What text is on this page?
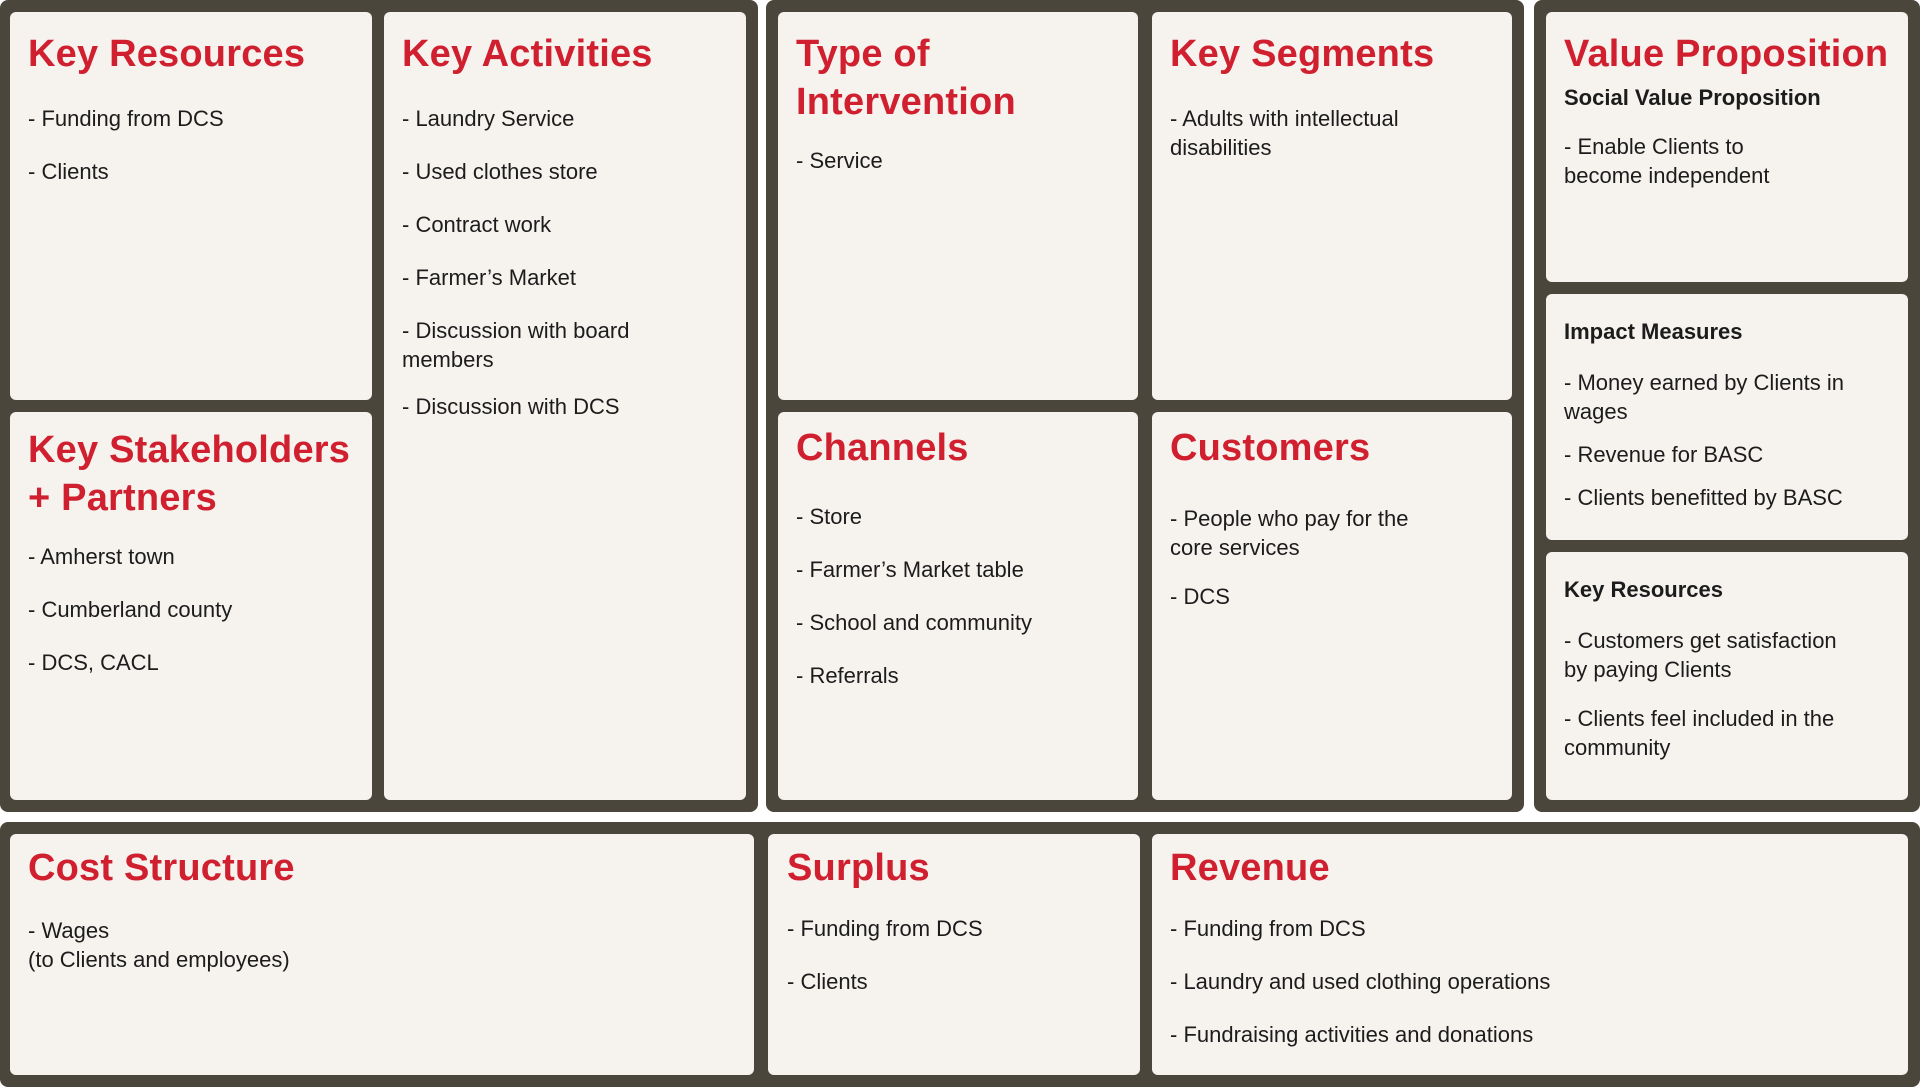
Key Resources
- Funding from DCS
- Clients
Key Stakeholders
+ Partners
- Amherst town
- Cumberland county
- DCS, CACL
Key Activities
- Laundry Service
- Used clothes store
- Contract work
- Farmer’s Market
- Discussion with board
members
- Discussion with DCS
Type of
Intervention
- Service
Key Segments
- Adults with intellectual
disabilities
Channels
- Store
- Farmer’s Market table
- School and community
- Referrals
Customers
- People who pay for the
core services
- DCS
Value Proposition
Social Value Proposition
- Enable Clients to
become independent
Impact Measures
- Money earned by Clients in
wages
- Revenue for BASC
- Clients benefitted by BASC
Key Resources
- Customers get satisfaction
by paying Clients
- Clients feel included in the
community
Cost Structure
- Wages
(to Clients and employees)
Surplus
- Funding from DCS
- Clients
Revenue
- Funding from DCS
- Laundry and used clothing operations
- Fundraising activities and donations
